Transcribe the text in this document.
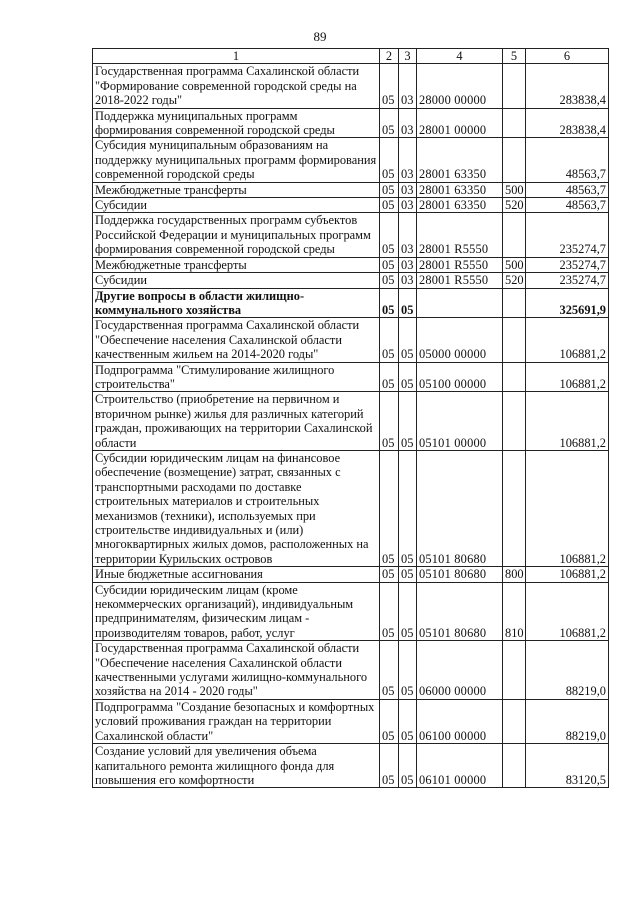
89
1	2	3	4	5	6
Государственная программа Сахалинской области "Формирование современной городской среды на 2018-2022 годы"	05	03	28000 00000		283838,4
Поддержка муниципальных программ формирования современной городской среды	05	03	28001 00000		283838,4
Субсидия муниципальным образованиям на поддержку муниципальных программ формирования современной городской среды	05	03	28001 63350		48563,7
Межбюджетные трансферты	05	03	28001 63350	500	48563,7
Субсидии	05	03	28001 63350	520	48563,7
Поддержка государственных программ субъектов Российской Федерации и муниципальных программ формирования современной городской среды	05	03	28001 R5550		235274,7
Межбюджетные трансферты	05	03	28001 R5550	500	235274,7
Субсидии	05	03	28001 R5550	520	235274,7
Другие вопросы в области жилищно-коммунального хозяйства	05	05			325691,9
Государственная программа Сахалинской области "Обеспечение населения Сахалинской области качественным жильем на 2014-2020 годы"	05	05	05000 00000		106881,2
Подпрограмма "Стимулирование жилищного строительства"	05	05	05100 00000		106881,2
Строительство (приобретение на первичном и вторичном рынке) жилья для различных категорий граждан, проживающих на территории Сахалинской области	05	05	05101 00000		106881,2
Субсидии юридическим лицам на финансовое обеспечение (возмещение) затрат, связанных с транспортными расходами по доставке строительных материалов и строительных механизмов (техники), используемых при строительстве индивидуальных и (или) многоквартирных жилых домов, расположенных на территории Курильских островов	05	05	05101 80680		106881,2
Иные бюджетные ассигнования	05	05	05101 80680	800	106881,2
Субсидии юридическим лицам (кроме некоммерческих организаций), индивидуальным предпринимателям, физическим лицам - производителям товаров, работ, услуг	05	05	05101 80680	810	106881,2
Государственная программа Сахалинской области "Обеспечение населения Сахалинской области качественными услугами жилищно-коммунального хозяйства на 2014 - 2020 годы"	05	05	06000 00000		88219,0
Подпрограмма "Создание безопасных и комфортных условий проживания граждан на территории Сахалинской области"	05	05	06100 00000		88219,0
Создание условий для увеличения объема капитального ремонта жилищного фонда для повышения его комфортности	05	05	06101 00000		83120,5
